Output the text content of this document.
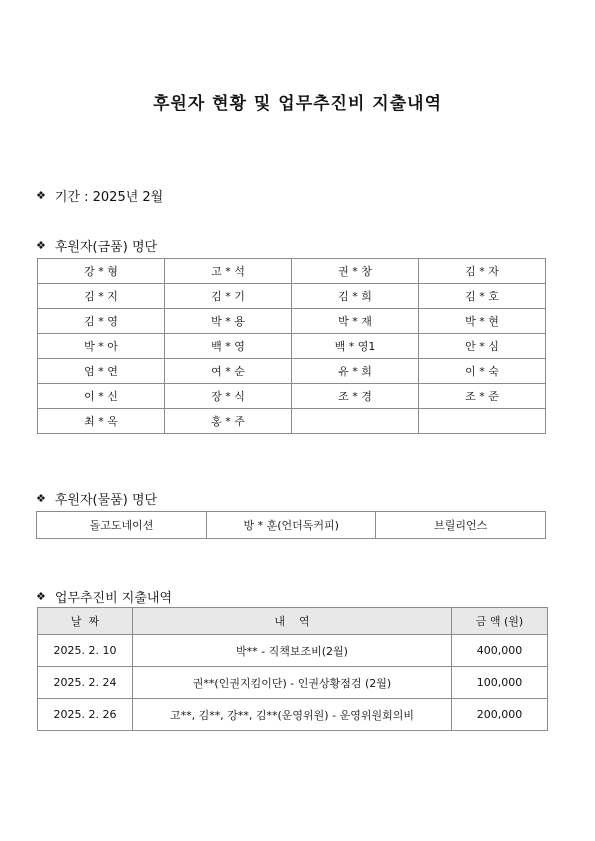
후원자 현황 및 업무추진비 지출내역
❖ 기간 : 2025년 2월
❖ 후원자(금품) 명단
강 * 형	고 * 석	권 * 창	김 * 자
김 * 지	김 * 기	김 * 희	김 * 호
김 * 영	박 * 용	박 * 재	박 * 현
박 * 아	백 * 영	백 * 영1	안 * 심
엄 * 연	여 * 순	유 * 희	이 * 숙
이 * 신	장 * 식	조 * 경	조 * 준
최 * 옥	홍 * 주		
❖ 후원자(물품) 명단
돌고도네이션	방 * 훈(언더독커피)	브릴리언스
❖ 업무추진비 지출내역
날  짜	내    역	금 액 (원)
2025. 2. 10	박** - 직책보조비(2월)	400,000
2025. 2. 24	권**(인권지킴이단) - 인권상황점검 (2월)	100,000
2025. 2. 26	고**, 김**, 강**, 김**(운영위원) - 운영위원회의비	200,000
